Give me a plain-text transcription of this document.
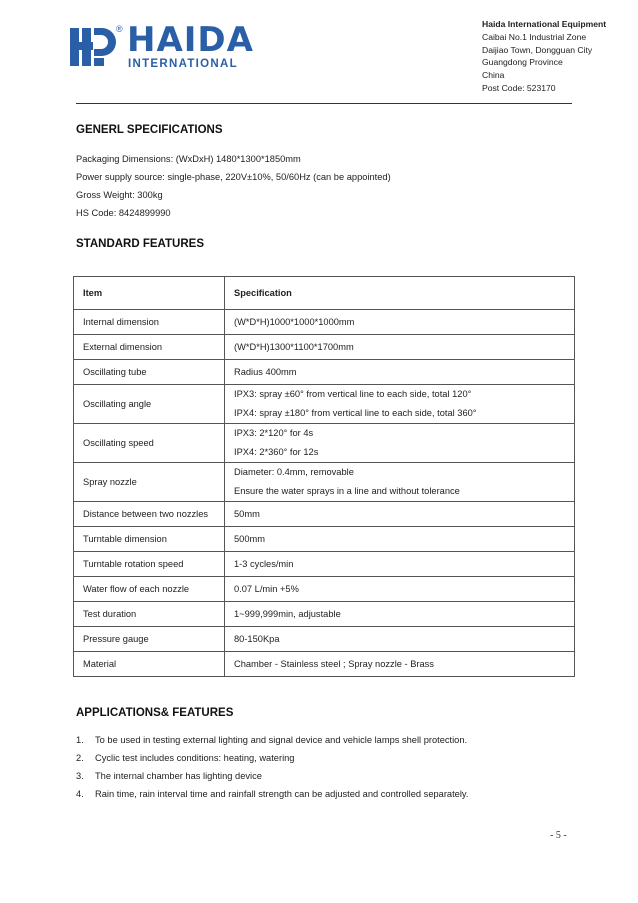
® HAIDA
INTERNATIONAL
Haida International Equipment
Caibai No.1 Industrial Zone
Daijiao Town, Dongguan City
Guangdong Province
China
Post Code: 523170
GENERL SPECIFICATIONS
Packaging Dimensions: (WxDxH) 1480*1300*1850mm
Power supply source: single-phase, 220V±10%, 50/60Hz (can be appointed)
Gross Weight: 300kg
HS Code: 8424899990
STANDARD FEATURES
Item	Specification
Internal dimension	(W*D*H)1000*1000*1000mm

External dimension	(W*D*H)1300*1100*1700mm

Oscillating tube	Radius 400mm

Oscillating angle	IPX3: spray ±60° from vertical line to each side, total 120°
IPX4: spray ±180° from vertical line to each side, total 360°

Oscillating speed	IPX3: 2*120° for 4s
IPX4: 2*360° for 12s

Spray nozzle	Diameter: 0.4mm, removable
Ensure the water sprays in a line and without tolerance

Distance between two nozzles	50mm

Turntable dimension	500mm

Turntable rotation speed	1-3 cycles/min

Water flow of each nozzle	0.07 L/min +5%

Test duration	1~999,999min, adjustable

Pressure gauge	80-150Kpa

Material	Chamber - Stainless steel ; Spray nozzle - Brass
APPLICATIONS& FEATURES
1.	To be used in testing external lighting and signal device and vehicle lamps shell protection.
2.	Cyclic test includes conditions: heating, watering
3.	The internal chamber has lighting device
4.	Rain time, rain interval time and rainfall strength can be adjusted and controlled separately.
- 5 -
